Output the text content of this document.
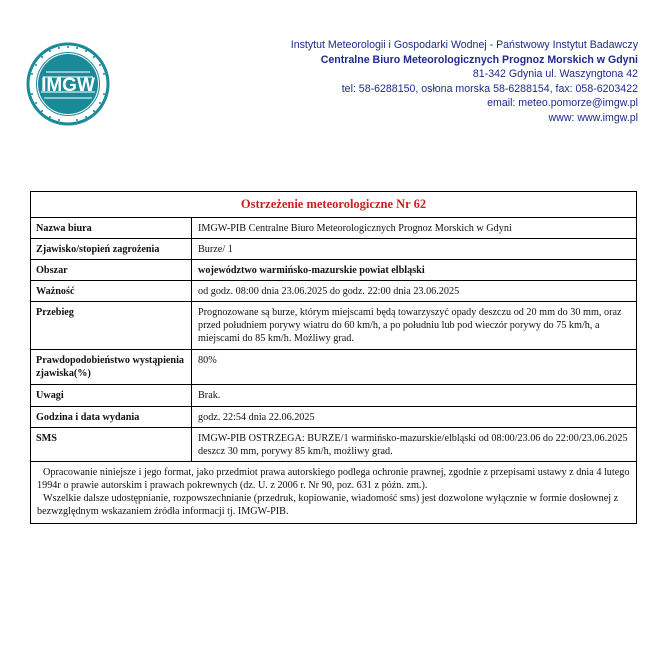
IMGW
Instytut Meteorologii i Gospodarki Wodnej - Państwowy Instytut Badawczy
Centralne Biuro Meteorologicznych Prognoz Morskich w Gdyni
81-342 Gdynia ul. Waszyngtona 42
tel: 58-6288150, osłona morska 58-6288154, fax: 058-6203422
email: meteo.pomorze@imgw.pl
www: www.imgw.pl
Ostrzeżenie meteorologiczne Nr 62
Nazwa biura	IMGW-PIB Centralne Biuro Meteorologicznych Prognoz Morskich w Gdyni
Zjawisko/stopień zagrożenia	Burze/ 1
Obszar	województwo warmińsko-mazurskie powiat elbląski
Ważność	od godz. 08:00 dnia 23.06.2025 do godz. 22:00 dnia 23.06.2025
Przebieg	Prognozowane są burze, którym miejscami będą towarzyszyć opady deszczu od 20 mm do 30 mm, oraz przed południem porywy wiatru do 60 km/h, a po południu lub pod wieczór porywy do 75 km/h, a miejscami do 85 km/h. Możliwy grad.
Prawdopodobieństwo wystąpienia zjawiska(%)	80%
Uwagi	Brak.
Godzina i data wydania	godz. 22:54 dnia 22.06.2025
SMS	IMGW-PIB OSTRZEGA: BURZE/1 warmińsko-mazurskie/elbląski od 08:00/23.06 do 22:00/23.06.2025 deszcz 30 mm, porywy 85 km/h, możliwy grad.

Opracowanie niniejsze i jego format, jako przedmiot prawa autorskiego podlega ochronie prawnej, zgodnie z przepisami ustawy z dnia 4 lutego 1994r o prawie autorskim i prawach pokrewnych (dz. U. z 2006 r. Nr 90, poz. 631 z późn. zm.).

Wszelkie dalsze udostępnianie, rozpowszechnianie (przedruk, kopiowanie, wiadomość sms) jest dozwolone wyłącznie w formie dosłownej z bezwzględnym wskazaniem źródła informacji tj. IMGW-PIB.
